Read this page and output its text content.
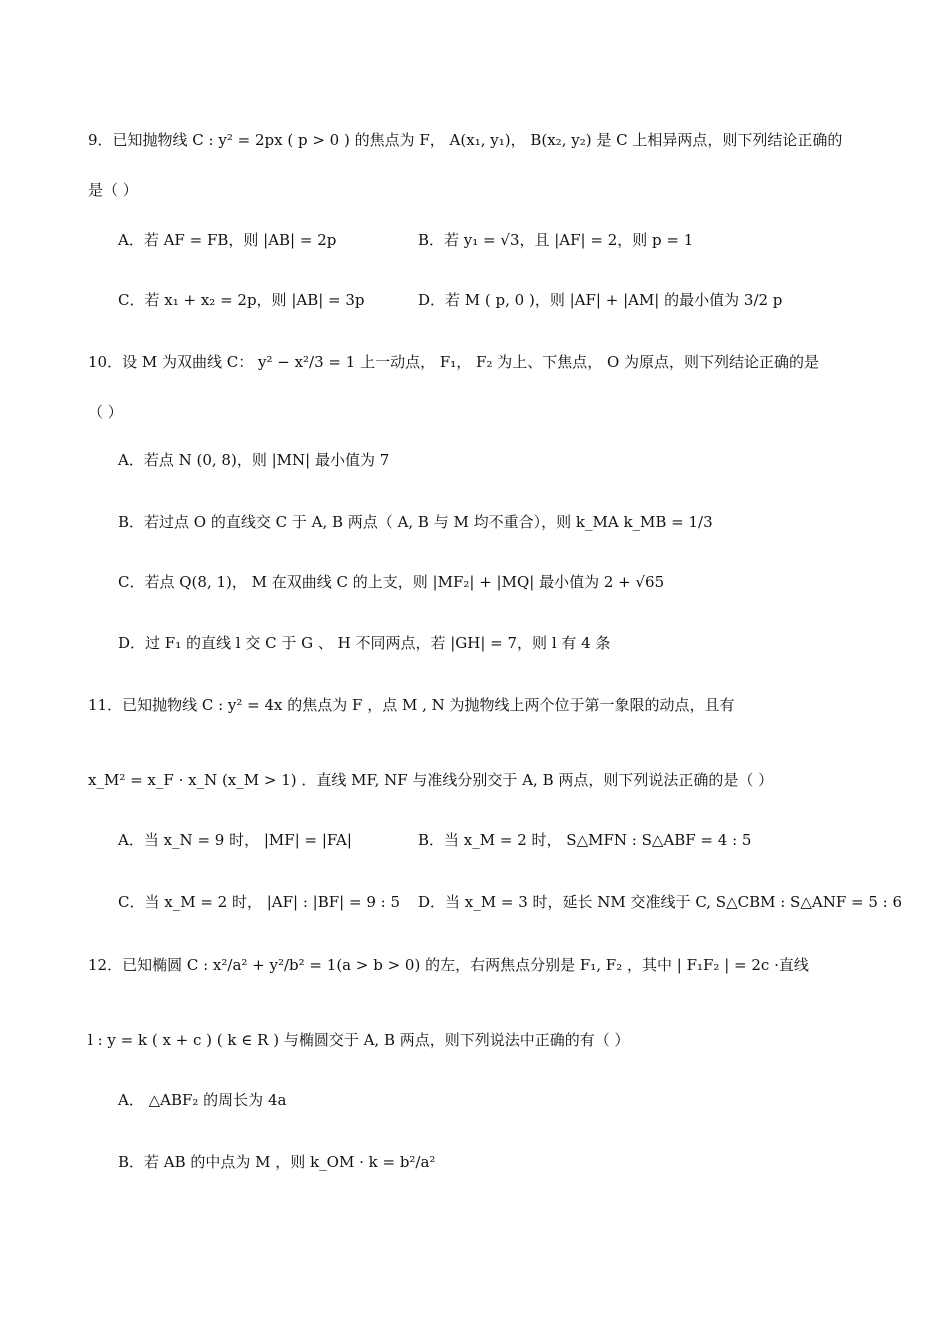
9．已知抛物线 C : y² = 2px ( p > 0 ) 的焦点为 F， A(x₁, y₁)， B(x₂, y₂) 是 C 上相异两点，则下列结论正确的
是（ ）
A．若 AF = FB，则 |AB| = 2p	B．若 y₁ = √3，且 |AF| = 2，则 p = 1
C．若 x₁ + x₂ = 2p，则 |AB| = 3p	D．若 M ( p, 0 )，则 |AF| + |AM| 的最小值为 3/2 p
10．设 M 为双曲线 C： y² − x²/3 = 1 上一动点， F₁， F₂ 为上、下焦点， O 为原点，则下列结论正确的是
（ ）
A．若点 N (0, 8)，则 |MN| 最小值为 7
B．若过点 O 的直线交 C 于 A, B 两点（ A, B 与 M 均不重合），则 k_MA k_MB = 1/3
C．若点 Q(8, 1)， M 在双曲线 C 的上支，则 |MF₂| + |MQ| 最小值为 2 + √65
D．过 F₁ 的直线 l 交 C 于 G 、 H 不同两点，若 |GH| = 7，则 l 有 4 条
11．已知抛物线 C : y² = 4x 的焦点为 F ，点 M , N 为抛物线上两个位于第一象限的动点，且有
x_M² = x_F · x_N (x_M > 1) ．直线 MF, NF 与准线分别交于 A, B 两点，则下列说法正确的是（ ）
A．当 x_N = 9 时， |MF| = |FA|	B．当 x_M = 2 时， S△MFN : S△ABF = 4 : 5
C．当 x_M = 2 时， |AF| : |BF| = 9 : 5 D．当 x_M = 3 时，延长 NM 交准线于 C, S△CBM : S△ANF = 5 : 6
12．已知椭圆 C : x²/a² + y²/b² = 1(a > b > 0) 的左，右两焦点分别是 F₁, F₂ ，其中 | F₁F₂ | = 2c ·直线
l : y = k ( x + c ) ( k ∈ R ) 与椭圆交于 A, B 两点，则下列说法中正确的有（ ）
A． △ABF₂ 的周长为 4a
B．若 AB 的中点为 M ，则 k_OM · k = b²/a²
